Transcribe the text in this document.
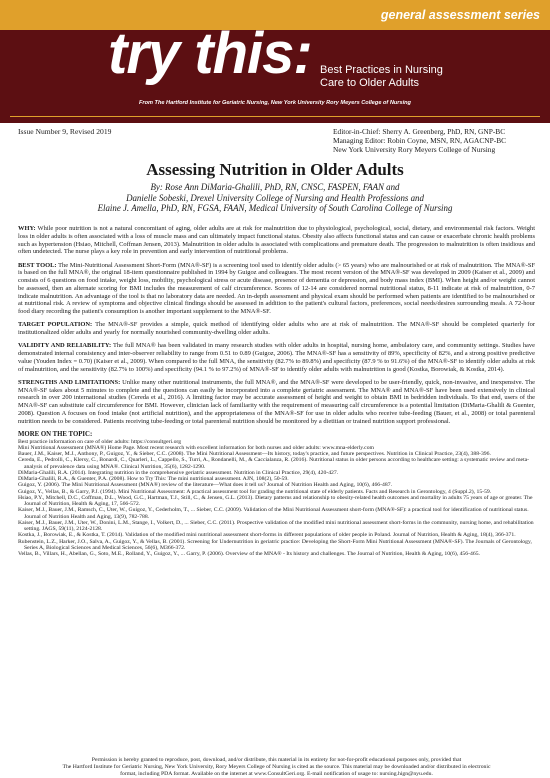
general assessment series
try this: Best Practices in Nursing
Care to Older Adults
From The Hartford Institute for Geriatric Nursing, New York University Rory Meyers College of Nursing
Issue Number 9, Revised 2019	Editor-in-Chief: Sherry A. Greenberg, PhD, RN, GNP-BC
Managing Editor: Robin Coyne, MSN, RN, AGACNP-BC
New York University Rory Meyers College of Nursing
Assessing Nutrition in Older Adults
By: Rose Ann DiMaria-Ghalili, PhD, RN, CNSC, FASPEN, FAAN and
Danielle Sobeski, Drexel University College of Nursing and Health Professions and
Elaine J. Amella, PhD, RN, FGSA, FAAN, Medical University of South Carolina College of Nursing

WHY: While poor nutrition is not a natural concomitant of aging, older adults are at risk for malnutrition due to physiological, psychological, social, dietary, and environmental risk factors. Weight loss in older adults is often associated with a loss of muscle mass and can ultimately impact functional status. Obesity also affects functional status and can cause or exacerbate chronic health problems such as hypertension (Hsiao, Mitchell, Coffman Jensen, 2013). Malnutrition in older adults is associated with complications and premature death. The progression to malnutrition is often insidious and often undetected. The nurse plays a key role in prevention and early intervention of nutritional problems.

BEST TOOL: The Mini-Nutritional Assessment Short-Form (MNA®-SF) is a screening tool used to identify older adults (> 65 years) who are malnourished or at risk of malnutrition. The MNA®-SF is based on the full MNA®, the original 18-item questionnaire published in 1994 by Guigoz and colleagues. The most recent version of the MNA®-SF was developed in 2009 (Kaiser et al., 2009) and consists of 6 questions on food intake, weight loss, mobility, psychological stress or acute disease, presence of dementia or depression, and body mass index (BMI). When height and/or weight cannot be assessed, then an alternate scoring for BMI includes the measurement of calf circumference. Scores of 12-14 are considered normal nutritional status, 8-11 indicate at risk of malnutrition, 0-7 indicate malnutrition. An advantage of the tool is that no laboratory data are needed. An in-depth assessment and physical exam should be performed when patients are identified to be malnourished or at nutritional risk. A review of symptoms and objective clinical findings should be assessed in addition to the patient's cultural factors, preferences, social needs/desires surrounding meals. A 72-hour food diary recording the patient's consumption is another important supplement to the MNA®-SF.

TARGET POPULATION: The MNA®-SF provides a simple, quick method of identifying older adults who are at risk of malnutrition. The MNA®-SF should be completed quarterly for institutionalized older adults and yearly for normally nourished community-dwelling older adults.

VALIDITY AND RELIABILITY: The full MNA® has been validated in many research studies with older adults in hospital, nursing home, ambulatory care, and community settings. Studies have demonstrated internal consistency and inter-observer reliability to range from 0.51 to 0.89 (Guigoz, 2006). The MNA®-SF has a sensitivity of 89%, specificity of 82%, and a strong positive predictive value (Youden Index = 0.70) (Kaiser et al., 2009). When compared to the full MNA, the sensitivity (82.7% to 89.8%) and specificity (87.9 % to 91.6%) of the MNA®-SF to identify older adults at risk of malnutrition, and the sensitivity (82.7% to 100%) and specificity (94.1 % to 97.2%) of MNA®-SF to identify older adults with malnutrition is good (Kostka, Borowiak, & Kostka, 2014).

STRENGTHS AND LIMITATIONS: Unlike many other nutritional instruments, the full MNA®, and the MNA®-SF were developed to be user-friendly, quick, non-invasive, and inexpensive. The MNA®-SF takes about 5 minutes to complete and the questions can easily be incorporated into a complete geriatric assessment. The MNA® and MNA®-SF have been used extensively in clinical research in over 200 international studies (Cereda et al., 2016). A limiting factor may be accurate assessment of height and weight to obtain BMI in bedridden individuals. To that end, users of the MNA®-SF can substitute calf circumference for BMI. However, clinician lack of familiarity with the requirement of measuring calf circumference is a potential limitation (DiMaria-Ghalili & Guenter, 2008). Question A focuses on food intake (not artificial nutrition), and the appropriateness of the MNA®-SF for use in older adults who receive tube-feeding (Bauer, et al., 2008) or total parenteral nutrition needs to be considered. Patients receiving tube-feeding or total parenteral nutrition should be monitored by a dietitian or trained nutrition support professional.

MORE ON THE TOPIC:
Best practice information on care of older adults: https://consultgeri.org
Mini Nutritional Assessment (MNA®) Home Page. Most recent research with excellent information for both nurses and older adults: www.mna-elderly.com
Bauer, J.M., Kaiser, M.J., Anthony, P., Guigoz, Y., & Sieber, C.C. (2008). The Mini Nutritional Assessment—Its history, today's practice, and future perspectives. Nutrition in Clinical Practice, 23(4), 388-396.
Cereda, E., Pedrolli, C., Klersy, C., Bonardi, C., Quarleri, L., Cappello, S., Turri, A., Rondanelli, M., & Caccialanza, R. (2016). Nutritional status in older persons according to healthcare setting: a systematic review and meta-analysis of prevalence data using MNA®. Clinical Nutrition, 35(6), 1282-1290.
DiMaria-Ghalili, R.A. (2014). Integrating nutrition in the comprehensive geriatric assessment. Nutrition in Clinical Practice, 29(4), 420-427.
DiMaria-Ghalili, R.A., & Guenter, P.A. (2008). How to Try This: The mini nutritional assessment. AJN, 108(2), 50-59.
Guigoz, Y. (2006). The Mini Nutritional Assessment (MNA®) review of the literature—What does it tell us? Journal of Nutrition Health and Aging, 10(6), 466-487.
Guigoz, Y., Vellas, B., & Garry, P.J. (1994). Mini Nutritional Assessment: A practical assessment tool for grading the nutritional state of elderly patients. Facts and Research in Gerontology, 4 (Suppl.2), 15-59.
Hsiao, P.Y., Mitchell, D.C., Coffman, D.L., Wood, G.C., Hartman, T.J., Still, C., & Jensen, G.L. (2013). Dietary patterns and relationship to obesity-related health outcomes and mortality in adults 75 years of age or greater. The Journal of Nutrition, Health & Aging, 17, 566-572.
Kaiser, M.J., Bauer, J.M., Ramsch, C., Uter, W., Guigoz, Y., Cederholm, T., ... Sieber, C.C. (2009). Validation of the Mini Nutritional Assessment short-form (MNA®-SF): a practical tool for identification of nutritional status. Journal of Nutrition Health and Aging, 13(9), 782-788.
Kaiser, M.J., Bauer, J.M., Uter, W., Donini, L.M., Stange, I., Volkert, D., ... Sieber, C.C. (2011). Prospective validation of the modified mini nutritional assessment short-forms in the community, nursing home, and rehabilitation setting. JAGS, 59(11), 2124-2128.
Kostka, J., Borowiak, E., & Kostka, T. (2014). Validation of the modified mini nutritional assessment short-forms in different populations of older people in Poland. Journal of Nutrition, Health & Aging, 18(4), 366-371.
Rubenstein, L.Z., Harker, J.O., Salva, A., Guigoz, Y., & Vellas, B. (2001). Screening for Undernutrition in geriatric practice: Developing the Short-Form Mini Nutritional Assessment (MNA®-SF). The Journals of Gerontology, Series A, Biological Sciences and Medical Sciences, 56(6), M366-372.
Vellas, B., Villars, H., Abellan, G., Soto, M.E., Rolland, Y., Guigoz, Y., ... Garry, P. (2006). Overview of the MNA® - Its history and challenges. The Journal of Nutrition, Health & Aging, 10(6), 456-465.
Permission is hereby granted to reproduce, post, download, and/or distribute, this material in its entirety for not-for-profit educational purposes only, provided that
The Hartford Institute for Geriatric Nursing, New York University, Rory Meyers College of Nursing is cited as the source. This material may be downloaded and/or distributed in electronic
format, including PDA format. Available on the internet at www.ConsultGeri.org. E-mail notification of usage to: nursing.hign@nyu.edu.
